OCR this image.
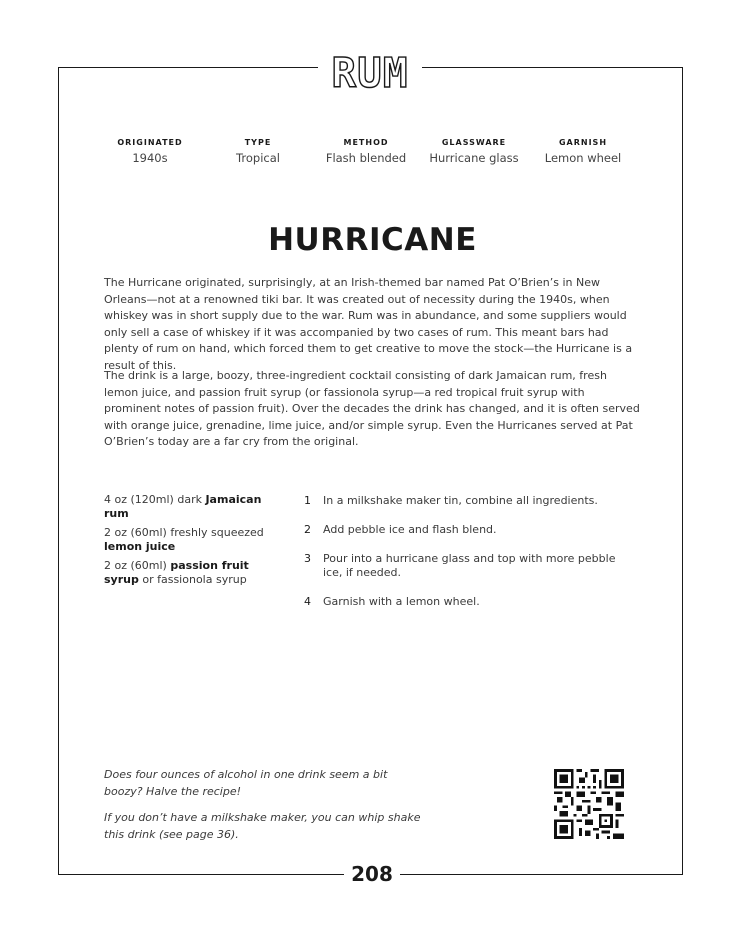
RUM
ORIGINATED
1940s
TYPE
Tropical
METHOD
Flash blended
GLASSWARE
Hurricane glass
GARNISH
Lemon wheel
HURRICANE
The Hurricane originated, surprisingly, at an Irish-themed bar named Pat O’Brien’s in New Orleans—not at a renowned tiki bar. It was created out of necessity during the 1940s, when whiskey was in short supply due to the war. Rum was in abundance, and some suppliers would only sell a case of whiskey if it was accompanied by two cases of rum. This meant bars had plenty of rum on hand, which forced them to get creative to move the stock—the Hurricane is a result of this.
The drink is a large, boozy, three-ingredient cocktail consisting of dark Jamaican rum, fresh lemon juice, and passion fruit syrup (or fassionola syrup—a red tropical fruit syrup with prominent notes of passion fruit). Over the decades the drink has changed, and it is often served with orange juice, grenadine, lime juice, and/or simple syrup. Even the Hurricanes served at Pat O’Brien’s today are a far cry from the original.
4 oz (120ml) dark Jamaican rum
2 oz (60ml) freshly squeezed lemon juice
2 oz (60ml) passion fruit syrup or fassionola syrup
1	In a milkshake maker tin, combine all ingredients.
2	Add pebble ice and flash blend.
3	Pour into a hurricane glass and top with more pebble ice, if needed.
4	Garnish with a lemon wheel.
Does four ounces of alcohol in one drink seem a bit boozy? Halve the recipe!
If you don’t have a milkshake maker, you can whip shake this drink (see page 36).
208
